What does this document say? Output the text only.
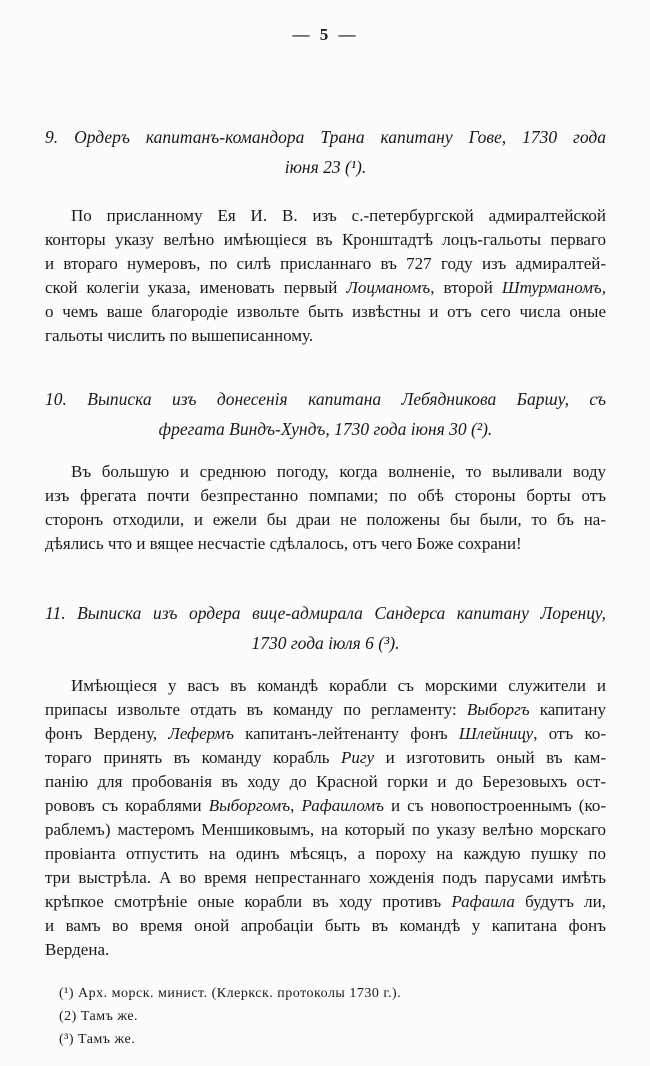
— 5 —
9. Ордеръ капитанъ-командора Трана капитану Гове, 1730 года
іюня 23 (¹).

По присланному Ея И. В. изъ с.-петербургской адмиралтейской
конторы указу велѣно имѣющіеся въ Кронштадтѣ лоцъ-гальоты перваго
и втораго нумеровъ, по силѣ присланнаго въ 727 году изъ адмиралтей-
ской колегіи указа, именовать первый Лоцманомъ, второй Штурманомъ,
о чемъ ваше благородіе извольте быть извѣстны и отъ сего числа оные
гальоты числить по вышеписанному.

10. Выписка изъ донесенія капитана Лебядникова Баршу, съ
фрегата Виндъ-Хундъ, 1730 года іюня 30 (²).

Въ большую и среднюю погоду, когда волненіе, то выливали воду
изъ фрегата почти безпрестанно помпами; по обѣ стороны борты отъ
сторонъ отходили, и ежели бы драи не положены бы были, то бъ на-
дѣялись что и вящее несчастіе сдѣлалось, отъ чего Боже сохрани!

11. Выписка изъ ордера вице-адмирала Сандерса капитану Лоренцу,
1730 года іюля 6 (³).

Имѣющіеся у васъ въ командѣ корабли съ морскими служители и
припасы извольте отдать въ команду по регламенту: Выборгъ капитану
фонъ Вердену, Лефермъ капитанъ-лейтенанту фонъ Шлейницу, отъ ко-
тораго принять въ команду корабль Ригу и изготовить оный въ кам-
панію для пробованія въ ходу до Красной горки и до Березовыхъ ост-
рововъ съ кораблями Выборгомъ, Рафаиломъ и съ новопостроеннымъ (ко-
раблемъ) мастеромъ Меншиковымъ, на который по указу велѣно морскаго
провіанта отпустить на одинъ мѣсяцъ, а пороху на каждую пушку по
три выстрѣла. А во время непрестаннаго хожденія подъ парусами имѣть
крѣпкое смотрѣніе оные корабли въ ходу противъ Рафаила будутъ ли,
и вамъ во время оной апробаціи быть въ командѣ у капитана фонъ
Вердена.

(¹) Арх. морск. минист. (Клеркск. протоколы 1730 г.).
(2) Тамъ же.
(³) Тамъ же.
